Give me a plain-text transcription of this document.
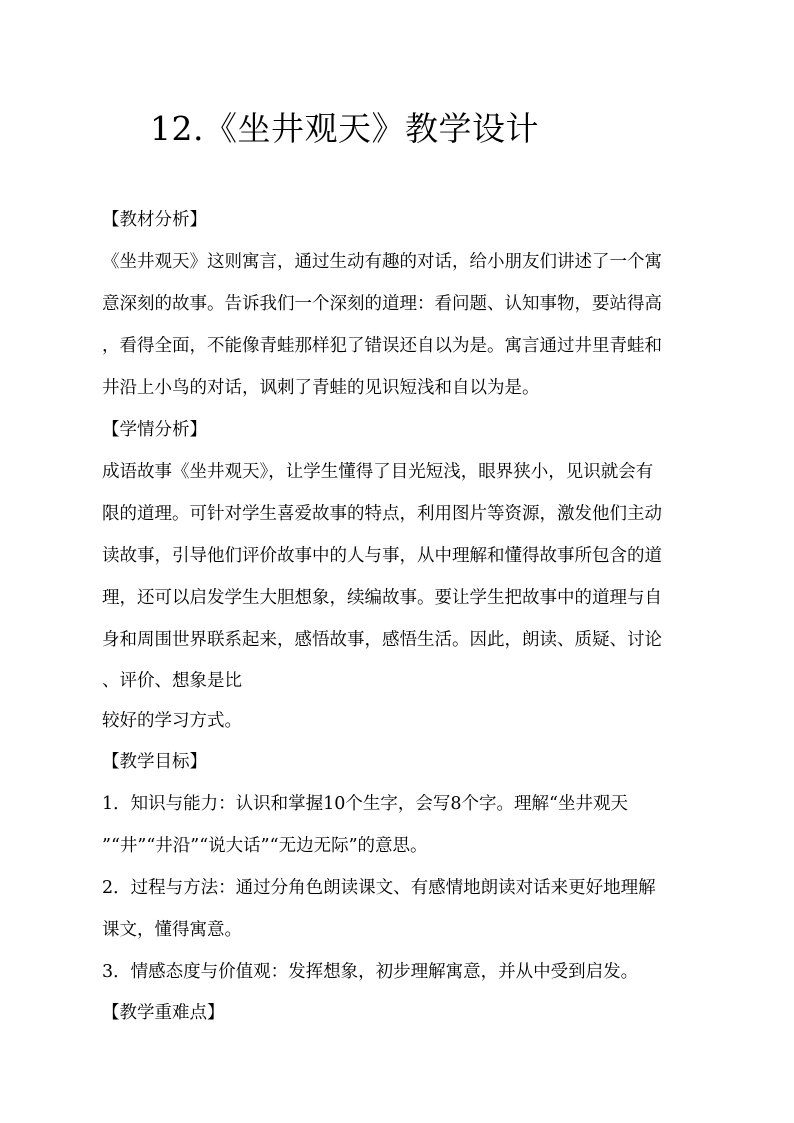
12.《坐井观天》教学设计
【教材分析】
《坐井观天》这则寓言，通过生动有趣的对话，给小朋友们讲述了一个寓
意深刻的故事。告诉我们一个深刻的道理：看问题、认知事物，要站得高
，看得全面，不能像青蛙那样犯了错误还自以为是。寓言通过井里青蛙和
井沿上小鸟的对话，讽刺了青蛙的见识短浅和自以为是。
【学情分析】
成语故事《坐井观天》，让学生懂得了目光短浅，眼界狭小，见识就会有
限的道理。可针对学生喜爱故事的特点，利用图片等资源，激发他们主动
读故事，引导他们评价故事中的人与事，从中理解和懂得故事所包含的道
理，还可以启发学生大胆想象，续编故事。要让学生把故事中的道理与自
身和周围世界联系起来，感悟故事，感悟生活。因此，朗读、质疑、讨论
、评价、想象是比
较好的学习方式。
【教学目标】
1．知识与能力：认识和掌握10个生字，会写8个字。理解“坐井观天
”“井”“井沿”“说大话”“无边无际”的意思。
2．过程与方法：通过分角色朗读课文、有感情地朗读对话来更好地理解
课文，懂得寓意。
3．情感态度与价值观：发挥想象，初步理解寓意，并从中受到启发。
【教学重难点】
